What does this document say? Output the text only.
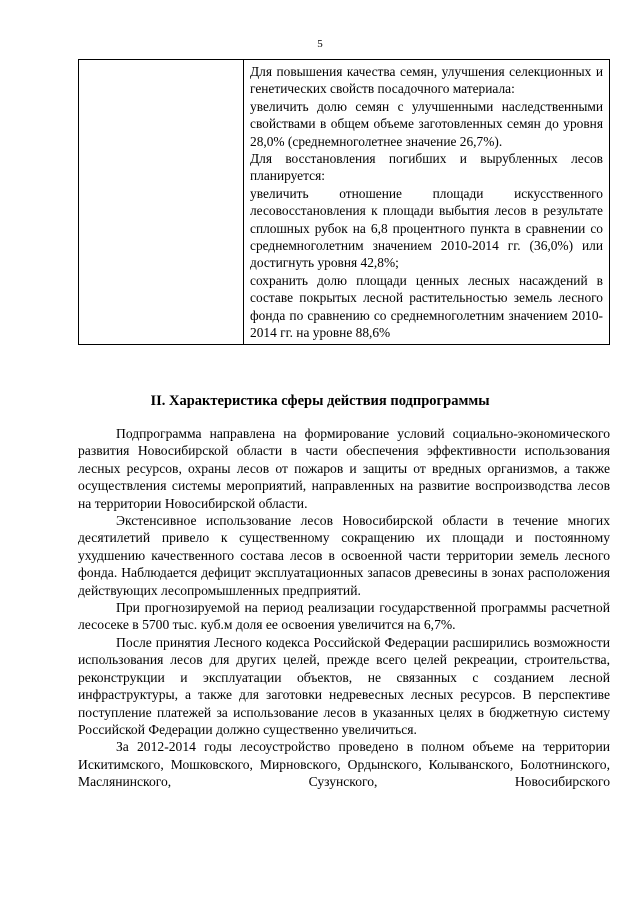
5

Для повышения качества семян, улучшения селекционных и генетических свойств посадочного материала:

увеличить долю семян с улучшенными наследственными свойствами в общем объеме заготовленных семян до уровня 28,0% (среднемноголетнее значение 26,7%).

Для восстановления погибших и вырубленных лесов планируется:

увеличить отношение площади искусственного лесовосстановления к площади выбытия лесов в результате сплошных рубок на 6,8 процентного пункта в сравнении со среднемноголетним значением 2010-2014 гг. (36,0%) или достигнуть уровня 42,8%;

сохранить долю площади ценных лесных насаждений в составе покрытых лесной растительностью земель лесного фонда по сравнению со среднемноголетним значением 2010-2014 гг. на уровне 88,6%

II. Характеристика сферы действия подпрограммы

Подпрограмма направлена на формирование условий социально-экономического развития Новосибирской области в части обеспечения эффективности использования лесных ресурсов, охраны лесов от пожаров и защиты от вредных организмов, а также осуществления системы мероприятий, направленных на развитие воспроизводства лесов на территории Новосибирской области.

Экстенсивное использование лесов Новосибирской области в течение многих десятилетий привело к существенному сокращению их площади и постоянному ухудшению качественного состава лесов в освоенной части территории земель лесного фонда. Наблюдается дефицит эксплуатационных запасов древесины в зонах расположения действующих лесопромышленных предприятий.

При прогнозируемой на период реализации государственной программы расчетной лесосеке в 5700 тыс. куб.м доля ее освоения увеличится на 6,7%.

После принятия Лесного кодекса Российской Федерации расширились возможности использования лесов для других целей, прежде всего целей рекреации, строительства, реконструкции и эксплуатации объектов, не связанных с созданием лесной инфраструктуры, а также для заготовки недревесных лесных ресурсов. В перспективе поступление платежей за использование лесов в указанных целях в бюджетную систему Российской Федерации должно существенно увеличиться.

За 2012-2014 годы лесоустройство проведено в полном объеме на территории Искитимского, Мошковского, Мирновского, Ордынского, Колыванского, Болотнинского, Маслянинского, Сузунского, Новосибирского
